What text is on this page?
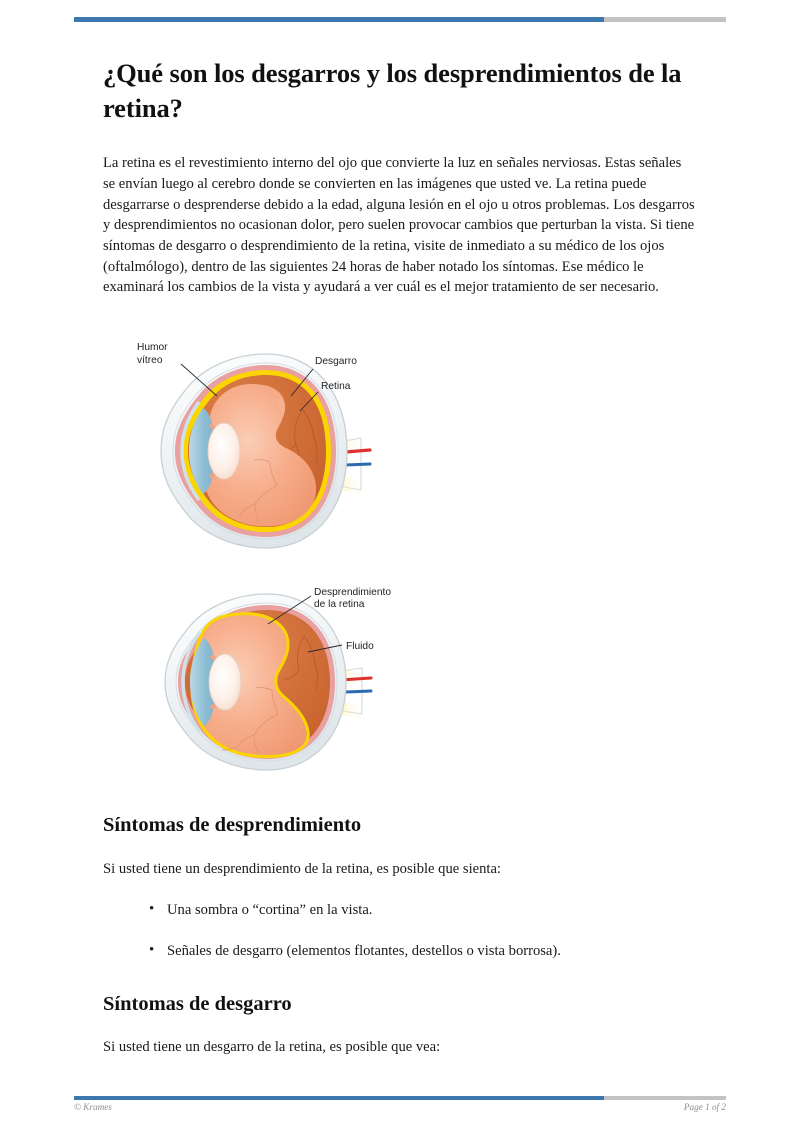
¿Qué son los desgarros y los desprendimientos de la retina?

La retina es el revestimiento interno del ojo que convierte la luz en señales nerviosas. Estas señales se envían luego al cerebro donde se convierten en las imágenes que usted ve. La retina puede desgarrarse o desprenderse debido a la edad, alguna lesión en el ojo u otros problemas. Los desgarros y desprendimientos no ocasionan dolor, pero suelen provocar cambios que perturban la vista. Si tiene síntomas de desgarro o desprendimiento de la retina, visite de inmediato a su médico de los ojos (oftalmólogo), dentro de las siguientes 24 horas de haber notado los síntomas. Ese médico le examinará los cambios de la vista y ayudará a ver cuál es el mejor tratamiento de ser necesario.

Síntomas de desprendimiento

Si usted tiene un desprendimiento de la retina, es posible que sienta:

• Una sombra o “cortina” en la vista.
• Señales de desgarro (elementos flotantes, destellos o vista borrosa).
Síntomas de desgarro

Si usted tiene un desgarro de la retina, es posible que vea:

Humor
vítreo	Desgarro
Retina
Desprendimiento
de la retina
Fluido
© Krames	Page 1 of 2
